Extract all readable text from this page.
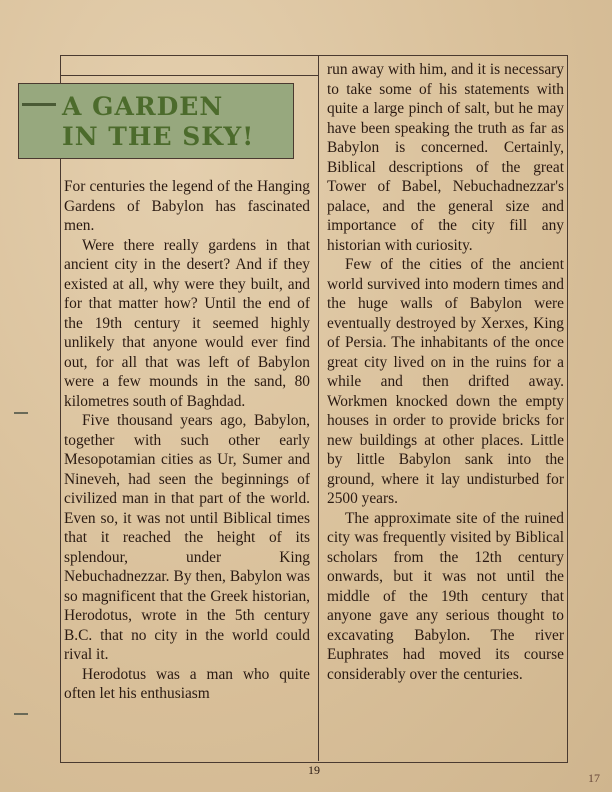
A GARDEN
IN THE SKY!

For centuries the legend of the Hanging Gardens of Babylon has fascinated men.

Were there really gardens in that ancient city in the desert? And if they existed at all, why were they built, and for that matter how? Until the end of the 19th century it seemed highly unlikely that anyone would ever find out, for all that was left of Babylon were a few mounds in the sand, 80 kilometres south of Baghdad.

Five thousand years ago, Babylon, together with such other early Mesopotamian cities as Ur, Sumer and Nineveh, had seen the beginnings of civilized man in that part of the world. Even so, it was not until Biblical times that it reached the height of its splendour, under King Nebuchadnezzar. By then, Babylon was so magnificent that the Greek historian, Herodotus, wrote in the 5th century B.C. that no city in the world could rival it.

Herodotus was a man who quite often let his enthusiasm

run away with him, and it is necessary to take some of his statements with quite a large pinch of salt, but he may have been speaking the truth as far as Babylon is concerned. Certainly, Biblical descriptions of the great Tower of Babel, Nebuchadnezzar's palace, and the general size and importance of the city fill any historian with curiosity.

Few of the cities of the ancient world survived into modern times and the huge walls of Babylon were eventually destroyed by Xerxes, King of Persia. The inhabitants of the once great city lived on in the ruins for a while and then drifted away. Workmen knocked down the empty houses in order to provide bricks for new buildings at other places. Little by little Babylon sank into the ground, where it lay undisturbed for 2500 years.

The approximate site of the ruined city was frequently visited by Biblical scholars from the 12th century onwards, but it was not until the middle of the 19th century that anyone gave any serious thought to excavating Babylon. The river Euphrates had moved its course considerably over the centuries.

19
17
